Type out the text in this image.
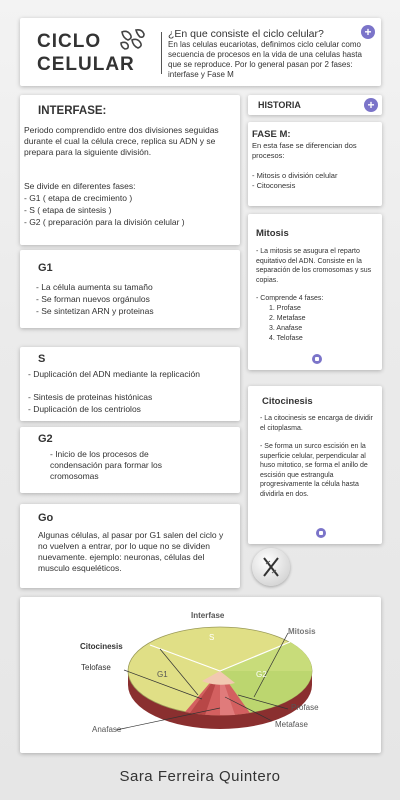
CICLO
CELULAR
¿En que consiste el ciclo celular?
En las celulas eucariotas, definimos ciclo celular como secuencia de procesos en la vida de una celulas hasta que se reproduce. Por lo general pasan por 2 fases: interfase y Fase M
+
INTERFASE:
Periodo comprendido entre dos divisiones seguidas durante el cual la célula crece, replica su ADN y se prepara para la siguiente división.
Se divide en diferentes fases:
- G1 ( etapa de crecimiento )
- S ( etapa de sintesis )
- G2 ( preparación para la división celular )
G1
- La célula aumenta su tamaño
- Se forman nuevos orgánulos
- Se sintetizan ARN y proteinas
S
- Duplicación del ADN mediante la replicación
- Sintesis de proteinas histónicas
- Duplicación de los centriolos
G2
- Inicio de los procesos de condensación para formar los cromosomas
Go
Algunas células, al pasar por G1 salen del ciclo y no vuelven a entrar, por lo uque no se dividen nuevamente. ejemplo: neuronas, células del musculo esqueléticos.
HISTORIA	+
FASE M:
En esta fase se diferencian dos procesos:
- Mitosis o división celular
- Citoconesis
Mitosis
- La mitosis se asugura el reparto equitativo del ADN. Consiste en la separación de los cromosomas y sus copias.
- Comprende 4 fases:
1. Profase
2. Metafase
3. Anafase
4. Telofase
Citocinesis
- La citocinesis se encarga de dividir el citoplasma.
- Se forma un surco escisión en la superficie celular, perpendicular al huso mitotico, se forma el anillo de escisión que estrangula progresivamente la célula hasta dividirla en dos.
Interfase
Mitosis
Citocinesis
Telofase
S
G1	G2
Profase
Metafase
Anafase
Sara Ferreira Quintero
